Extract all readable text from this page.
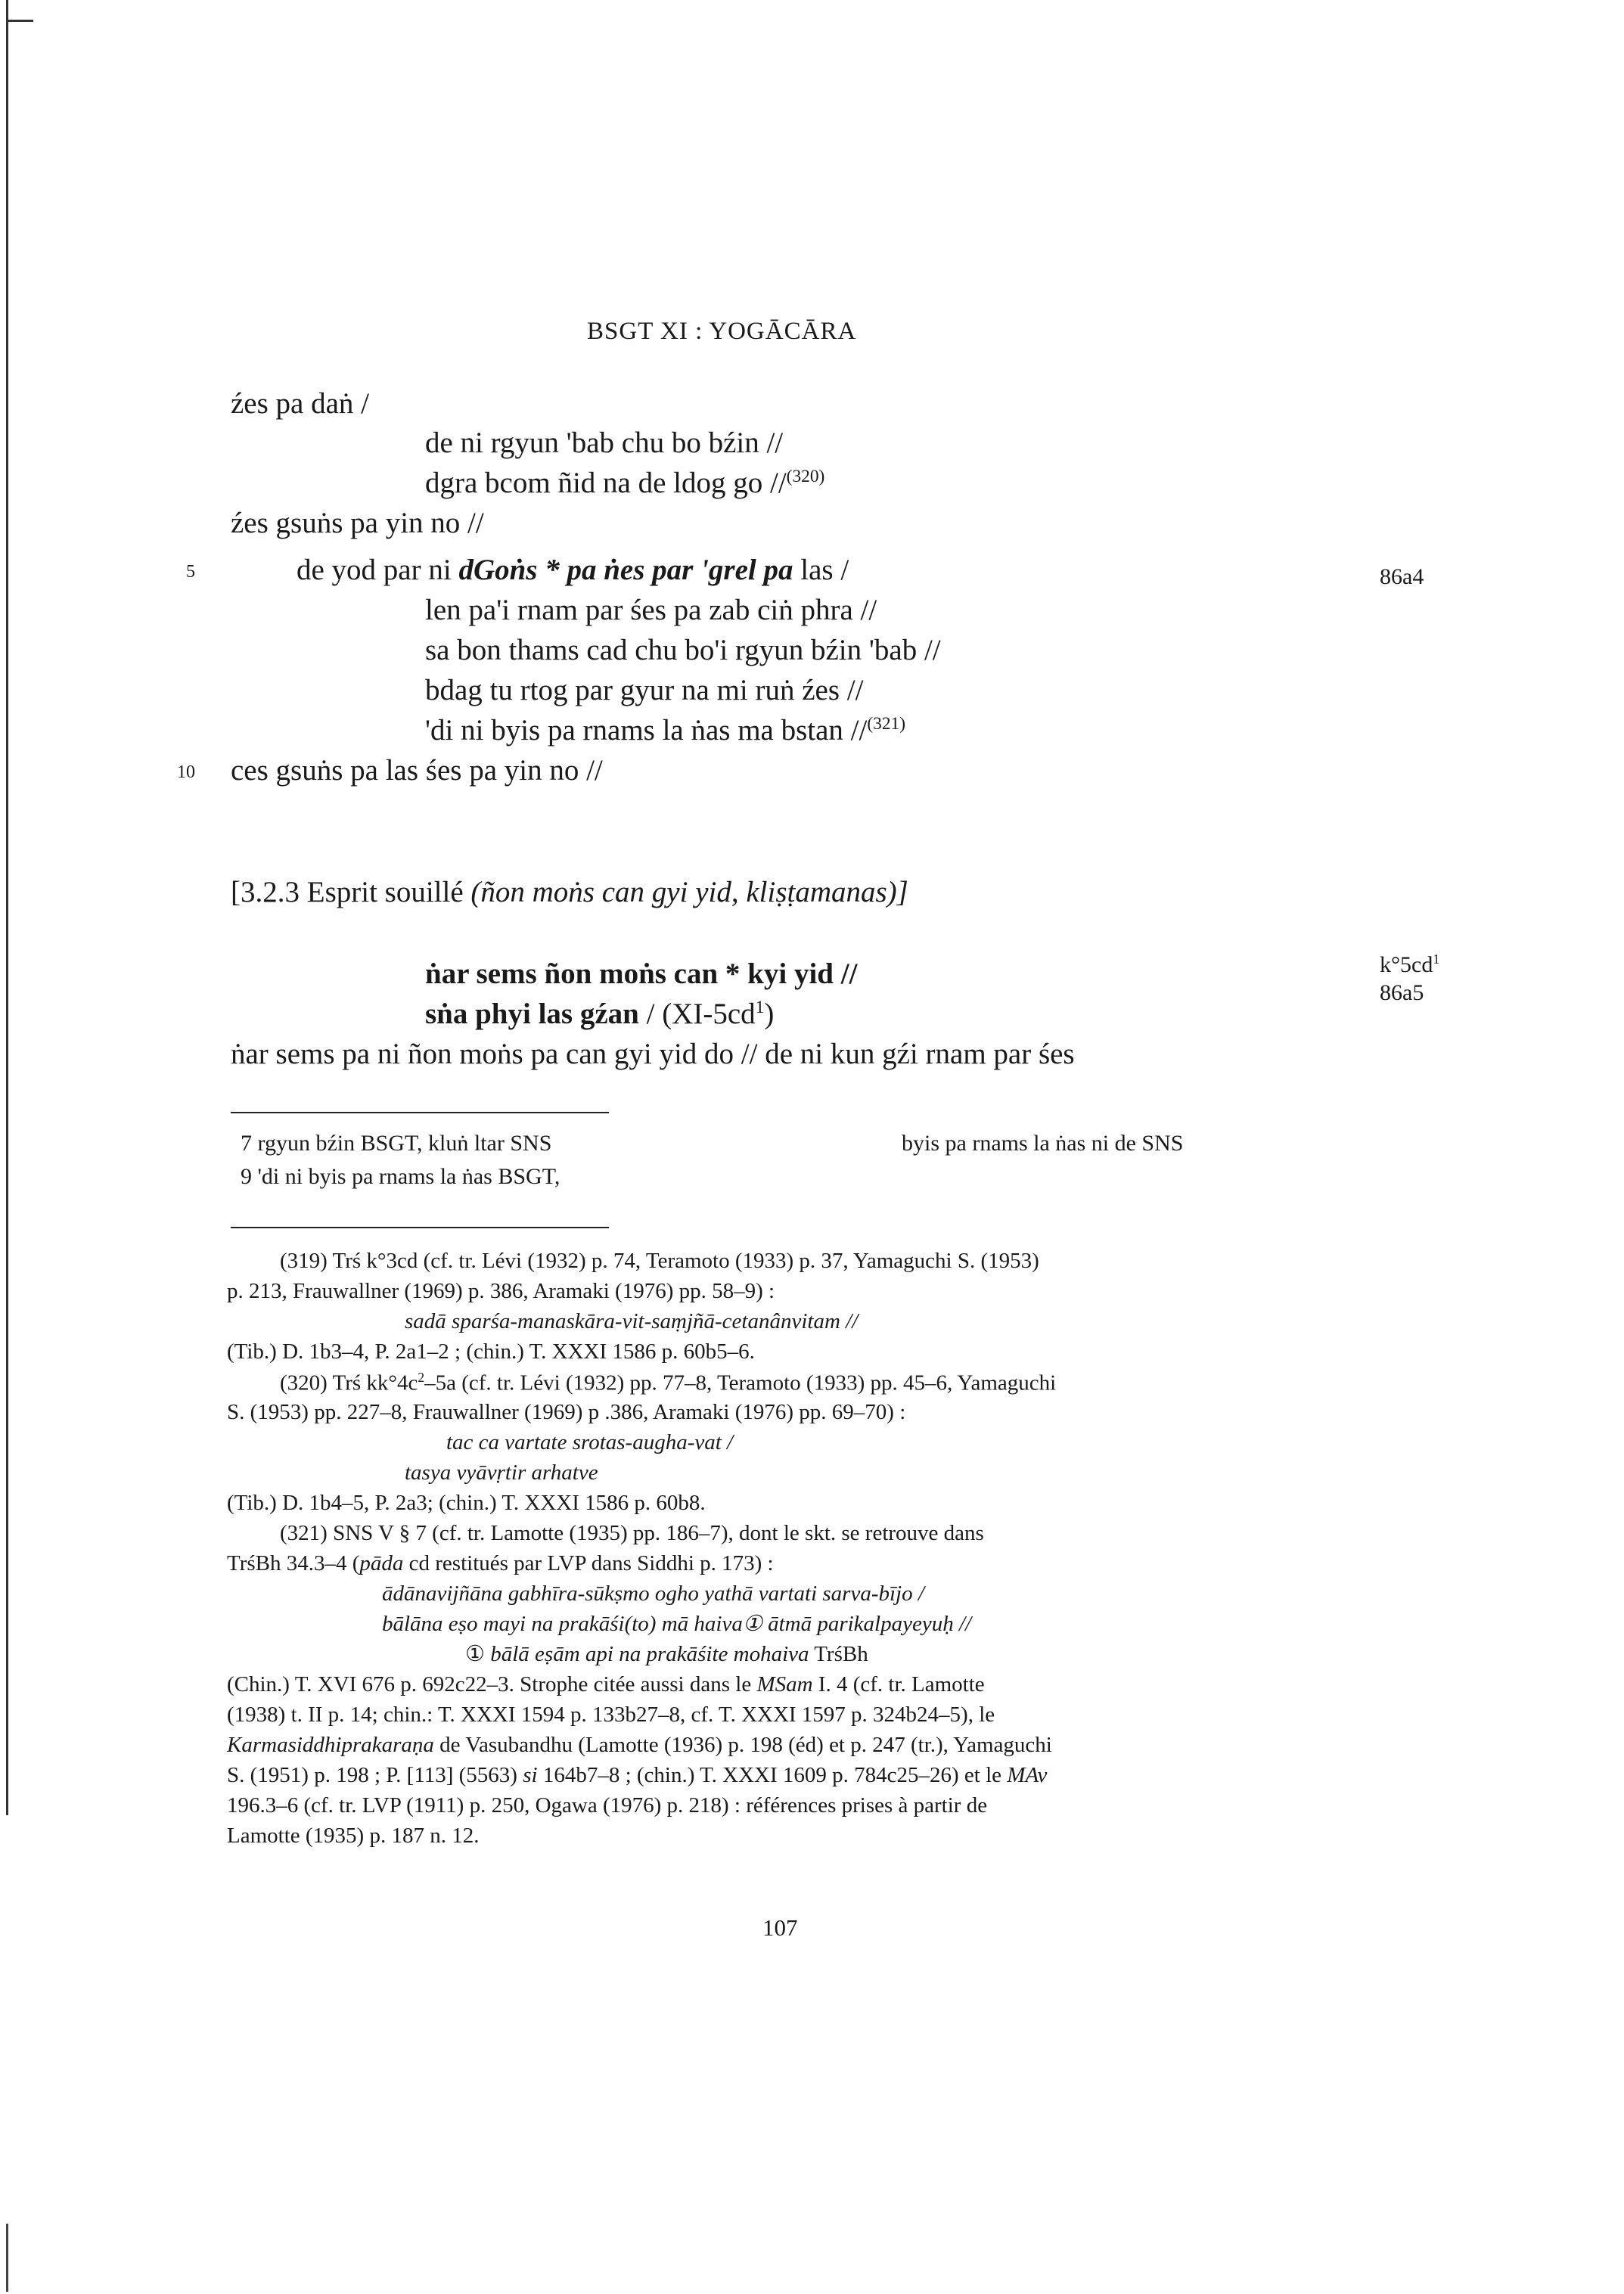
BSGT XI : YOGĀCĀRA
źes pa daṅ /
de ni rgyun 'bab chu bo bźin //
dgra bcom ñid na de ldog go //$^{(320)}$
źes gsuṅs pa yin no //
5	de yod par ni dGoṅs * pa ṅes par 'grel pa las /	86a4
len pa'i rnam par śes pa zab ciṅ phra //
sa bon thams cad chu bo'i rgyun bźin 'bab //
bdag tu rtog par gyur na mi ruṅ źes //
'di ni byis pa rnams la ṅas ma bstan //$^{(321)}$
10 ces gsuṅs pa las śes pa yin no //
[3.2.3 Esprit souillé (ñon moṅs can gyi yid, kliṣṭamanas)]
$k^\circ 5cd^1$
86a5
ṅar sems ñon moṅs can * kyi yid //
sṅa phyi las gźan / $(XI-5cd^1)$
ṅar sems pa ni ñon moṅs pa can gyi yid do // de ni kun gźi rnam par śes
7 rgyun bźin BSGT, kluṅ ltar SNS	byis pa rnams la ṅas ni de SNS
9 'di ni byis pa rnams la ṅas BSGT,
(319) Trś k°3cd (cf. tr. Lévi (1932) p. 74, Teramoto (1933) p. 37, Yamaguchi S. (1953)
p. 213, Frauwallner (1969) p. 386, Aramaki (1976) pp. 58–9) :
sadā sparśa-manaskāra-vit-saṃjñā-cetanânvitam //
(Tib.) D. 1b3–4, P. 2a1–2 ; (chin.) T. XXXI 1586 p. 60b5–6.
(320) Trś $kk^\circ 4c^2-5a$ (cf. tr. Lévi (1932) pp. 77–8, Teramoto (1933) pp. 45–6, Yamaguchi
S. (1953) pp. 227–8, Frauwallner (1969) p .386, Aramaki (1976) pp. 69–70) :
tac ca vartate srotas-augha-vat /
tasya vyāvṛtir arhatve
(Tib.) D. 1b4–5, P. 2a3; (chin.) T. XXXI 1586 p. 60b8.
(321) SNS V § 7 (cf. tr. Lamotte (1935) pp. 186–7), dont le skt. se retrouve dans
TrśBh 34.3–4 (pāda cd restitués par LVP dans Siddhi p. 173) :
ādānavijñāna gabhīra-sūkṣmo ogho yathā vartati sarva-bījo /
bālāna eṣo mayi na prakāśi(to) mā haiva① ātmā parikalpayeyuḥ //
① bālā eṣām api na prakāśite mohaiva TrśBh
(Chin.) T. XVI 676 p. 692c22–3. Strophe citée aussi dans le MSam I. 4 (cf. tr. Lamotte
(1938) t. II p. 14; chin.: T. XXXI 1594 p. 133b27–8, cf. T. XXXI 1597 p. 324b24–5), le
Karmasiddhiprakaraṇa de Vasubandhu (Lamotte (1936) p. 198 (éd) et p. 247 (tr.), Yamaguchi
S. (1951) p. 198 ; P. [113] (5563) si 164b7–8 ; (chin.) T. XXXI 1609 p. 784c25–26) et le MAv
196.3–6 (cf. tr. LVP (1911) p. 250, Ogawa (1976) p. 218) : références prises à partir de
Lamotte (1935) p. 187 n. 12.
107
